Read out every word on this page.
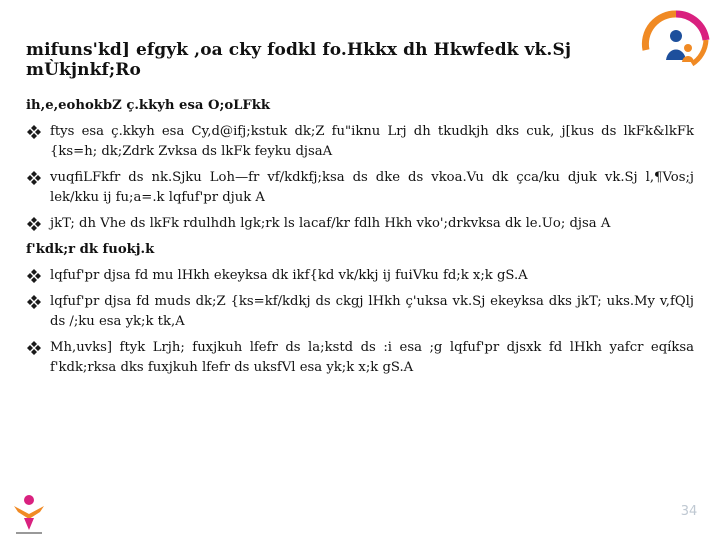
mifuns'kd] efgyk ,oa cky fodkl fo.Hkkx dh Hkwfedk vk.Sj mÙkjnkf;Ro
ih,e,eohokbZ ç.kkyh esa O;oLFkk
ftys esa ç.kkyh esa Cy,d@ifj;kstuk dk;Z fu"iknu Lrj dh tkudkjh dks cuk, j[kus ds lkFk&lkFk {ks=h; dk;Zdrk Zvksa ds lkFk feyku djsaA
vuqfiLFkfr ds nk.Sjku Loh—fr vf/kdkfj;ksa ds dke ds vkoa.Vu dk çca/ku djuk vk.Sj l,¶Vos;j lek/kku ij fu;a=.k lqfuf'pr djuk A
jkT; dh Vhe ds lkFk rdulhdh lgk;rk ls lacaf/kr fdlh Hkh vko';drkvksa dk le.Uo; djsa A
f'kdk;r dk fuokj.k
lqfuf'pr djsa fd mu lHkh ekeyksa dk ikf{kd vk/kkj ij fuiVku fd;k x;k gS.A
lqfuf'pr djsa fd muds dk;Z {ks=kf/kdkj ds ckgj lHkh ç'uksa vk.Sj ekeyksa dks jkT; uks.My v,fQlj ds /;ku esa yk;k tk,A
Mh,uvks] ftyk Lrjh; fuxjkuh lfefr ds la;kstd ds :i esa ;g lqfuf'pr djsxk fd lHkh yafcr eqíksa f'kdk;rksa dks fuxjkuh lfefr ds uksfVl esa yk;k x;k gS.A
34
